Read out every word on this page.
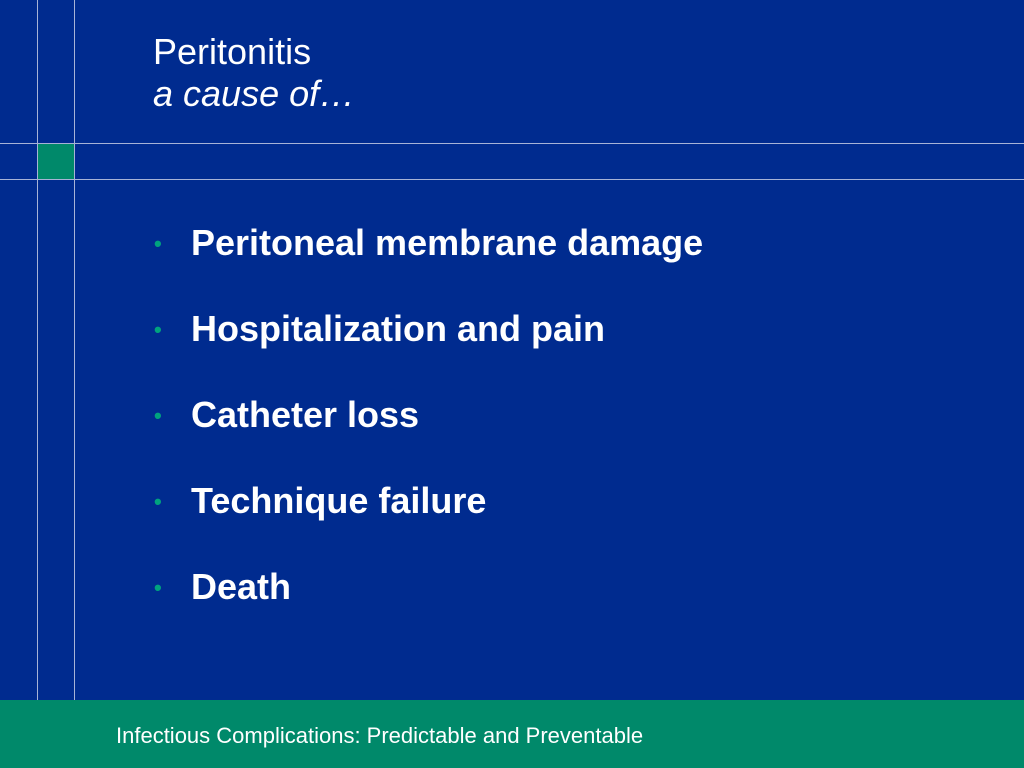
Peritonitis
a cause of…
• Peritoneal membrane damage
• Hospitalization and pain
• Catheter loss
• Technique failure
• Death
Infectious Complications: Predictable and Preventable
